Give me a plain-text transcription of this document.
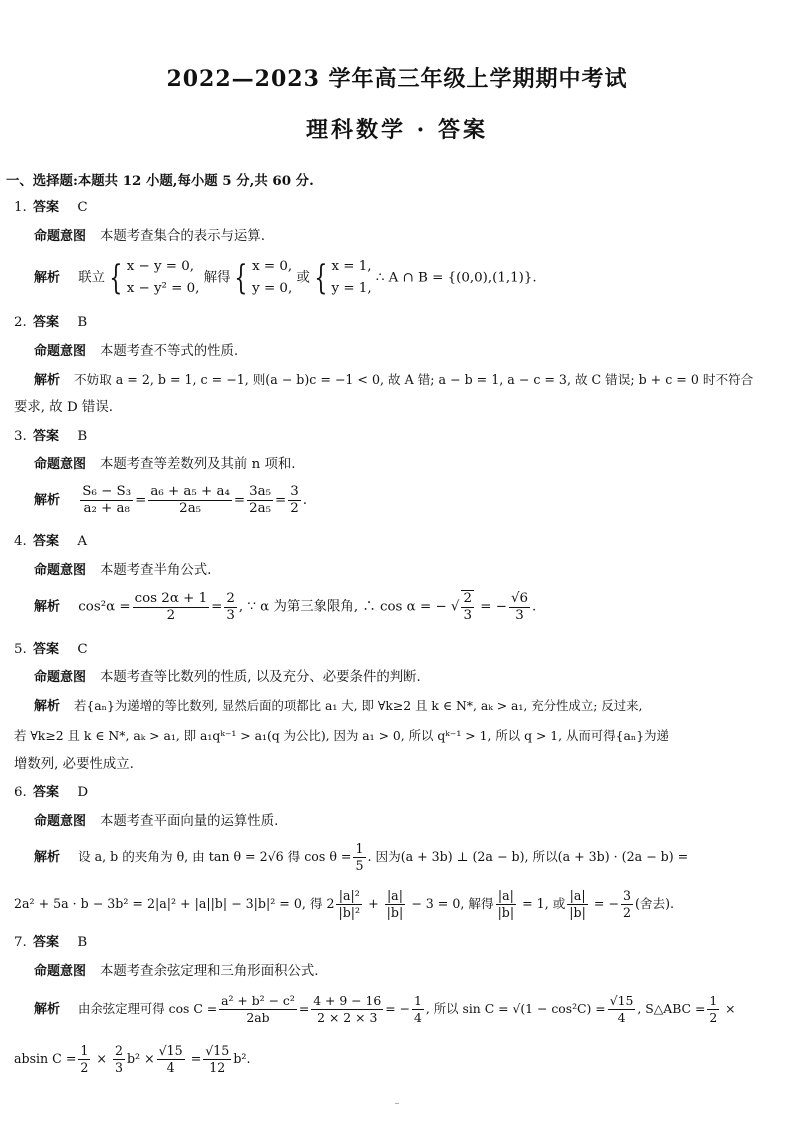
2022—2023 学年高三年级上学期期中考试
理科数学 · 答案
一、选择题:本题共 12 小题,每小题 5 分,共 60 分.
1. 答案 C
命题意图 本题考查集合的表示与运算.
解析 联立 { x − y = 0,
x − y² = 0,
解得 { x = 0,
y = 0,
或 { x = 1,
y = 1,
∴ A ∩ B = {(0,0),(1,1)}.
2. 答案 B
命题意图 本题考查不等式的性质.
解析 不妨取 a = 2, b = 1, c = −1, 则(a − b)c = −1 < 0, 故 A 错; a − b = 1, a − c = 3, 故 C 错误; b + c = 0 时不符合
要求, 故 D 错误.
3. 答案 B
命题意图 本题考查等差数列及其前 n 项和.
解析 $\frac{\text{S₆ − S₃}}{\text{a₂ + a₈}} = \frac{\text{a₆ + a₅ + a₄}}{\text{2a₅}} = \frac{\text{3a₅}}{\text{2a₅}} = \frac{3}{2}$ .
4. 答案 A
命题意图 本题考查半角公式.
解析 $\cos^2\alpha = \frac{\cos 2\alpha + 1}{2} = \frac{2}{3}$ , ∵ α 为第三象限角, ∴ cos α = − √ $\frac{2}{3}$ = − $\frac{√6}{3}$ .
5. 答案 C
命题意图 本题考查等比数列的性质, 以及充分、必要条件的判断.
解析 若{aₙ}为递增的等比数列, 显然后面的项都比 a₁ 大, 即 ∀k≥2 且 k ∈ N*, aₖ > a₁, 充分性成立; 反过来,
若 ∀k≥2 且 k ∈ N*, aₖ > a₁, 即 a₁qᵏ⁻¹ > a₁(q 为公比), 因为 a₁ > 0, 所以 qᵏ⁻¹ > 1, 所以 q > 1, 从而可得{aₙ}为递
增数列, 必要性成立.
6. 答案 D
命题意图 本题考查平面向量的运算性质.
解析 设 a, b 的夹角为 θ, 由 tan θ = 2√6 得 $\cos \theta = \frac{1}{5}$ . 因为(a + 3b) ⊥ (2a − b), 所以(a + 3b) · (2a − b) =
2a² + 5a · b − 3b² = 2|a|² + |a||b| − 3|b|² = 0, 得 $2 \frac{\text{|a|²}}{\text{|b|²}} + \frac{|a|}{|b|} - 3 = 0$, 解得 $\frac{|a|}{|b|} = 1$, 或 $\frac{|a|}{|b|}$ = − $\frac{3}{2}$ (舍去).
7. 答案 B
命题意图 本题考查余弦定理和三角形面积公式.
解析 由余弦定理可得 $\cos C = \frac{\text{a² + b² − c²}}{2ab} = \frac{4 + 9 - 16}{2 \times 2 \times 3}$ = − $\frac{1}{4}$ , 所以 $\sin C = √(1 - \cos^2C) = \frac{√15}{4}$ , S△ABC = $\frac{1}{2}$ ×
absin $C = \frac{1}{2} \times \frac{2}{3} b^2 \times \frac{√15}{4} = \frac{√15}{12} b^2$.
–
